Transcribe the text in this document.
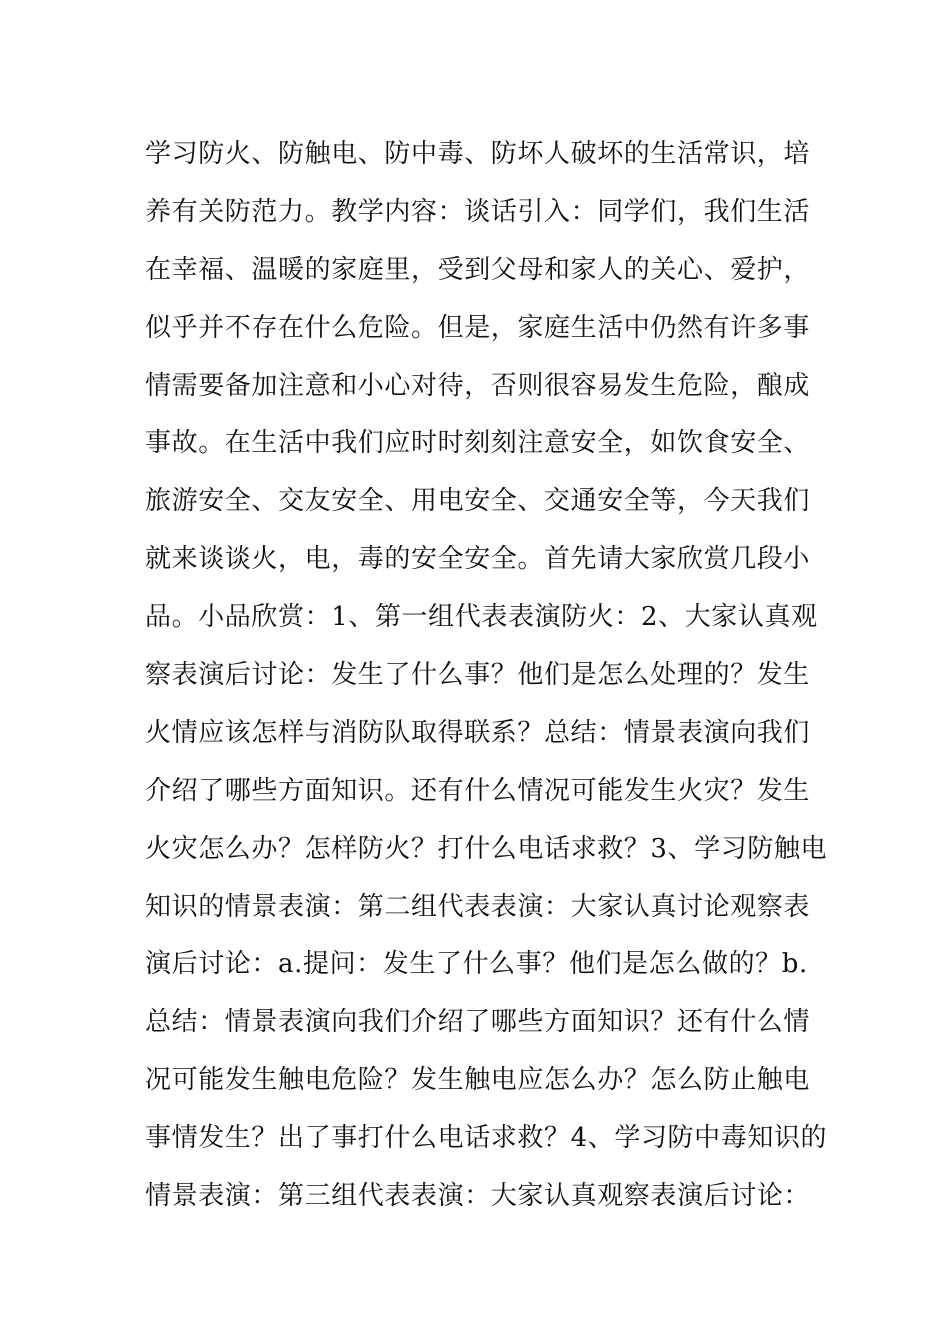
学习防火、防触电、防中毒、防坏人破坏的生活常识，培
养有关防范力。教学内容：谈话引入：同学们，我们生活
在幸福、温暖的家庭里，受到父母和家人的关心、爱护，
似乎并不存在什么危险。但是，家庭生活中仍然有许多事
情需要备加注意和小心对待，否则很容易发生危险，酿成
事故。在生活中我们应时时刻刻注意安全，如饮食安全、
旅游安全、交友安全、用电安全、交通安全等，今天我们
就来谈谈火，电，毒的安全安全。首先请大家欣赏几段小
品。小品欣赏：1、第一组代表表演防火：2、大家认真观
察表演后讨论：发生了什么事？他们是怎么处理的？发生
火情应该怎样与消防队取得联系？总结：情景表演向我们
介绍了哪些方面知识。还有什么情况可能发生火灾？发生
火灾怎么办？怎样防火？打什么电话求救？3、学习防触电
知识的情景表演：第二组代表表演：大家认真讨论观察表
演后讨论：a.提问：发生了什么事？他们是怎么做的？b.
总结：情景表演向我们介绍了哪些方面知识？还有什么情
况可能发生触电危险？发生触电应怎么办？怎么防止触电
事情发生？出了事打什么电话求救？4、学习防中毒知识的
情景表演：第三组代表表演：大家认真观察表演后讨论：
